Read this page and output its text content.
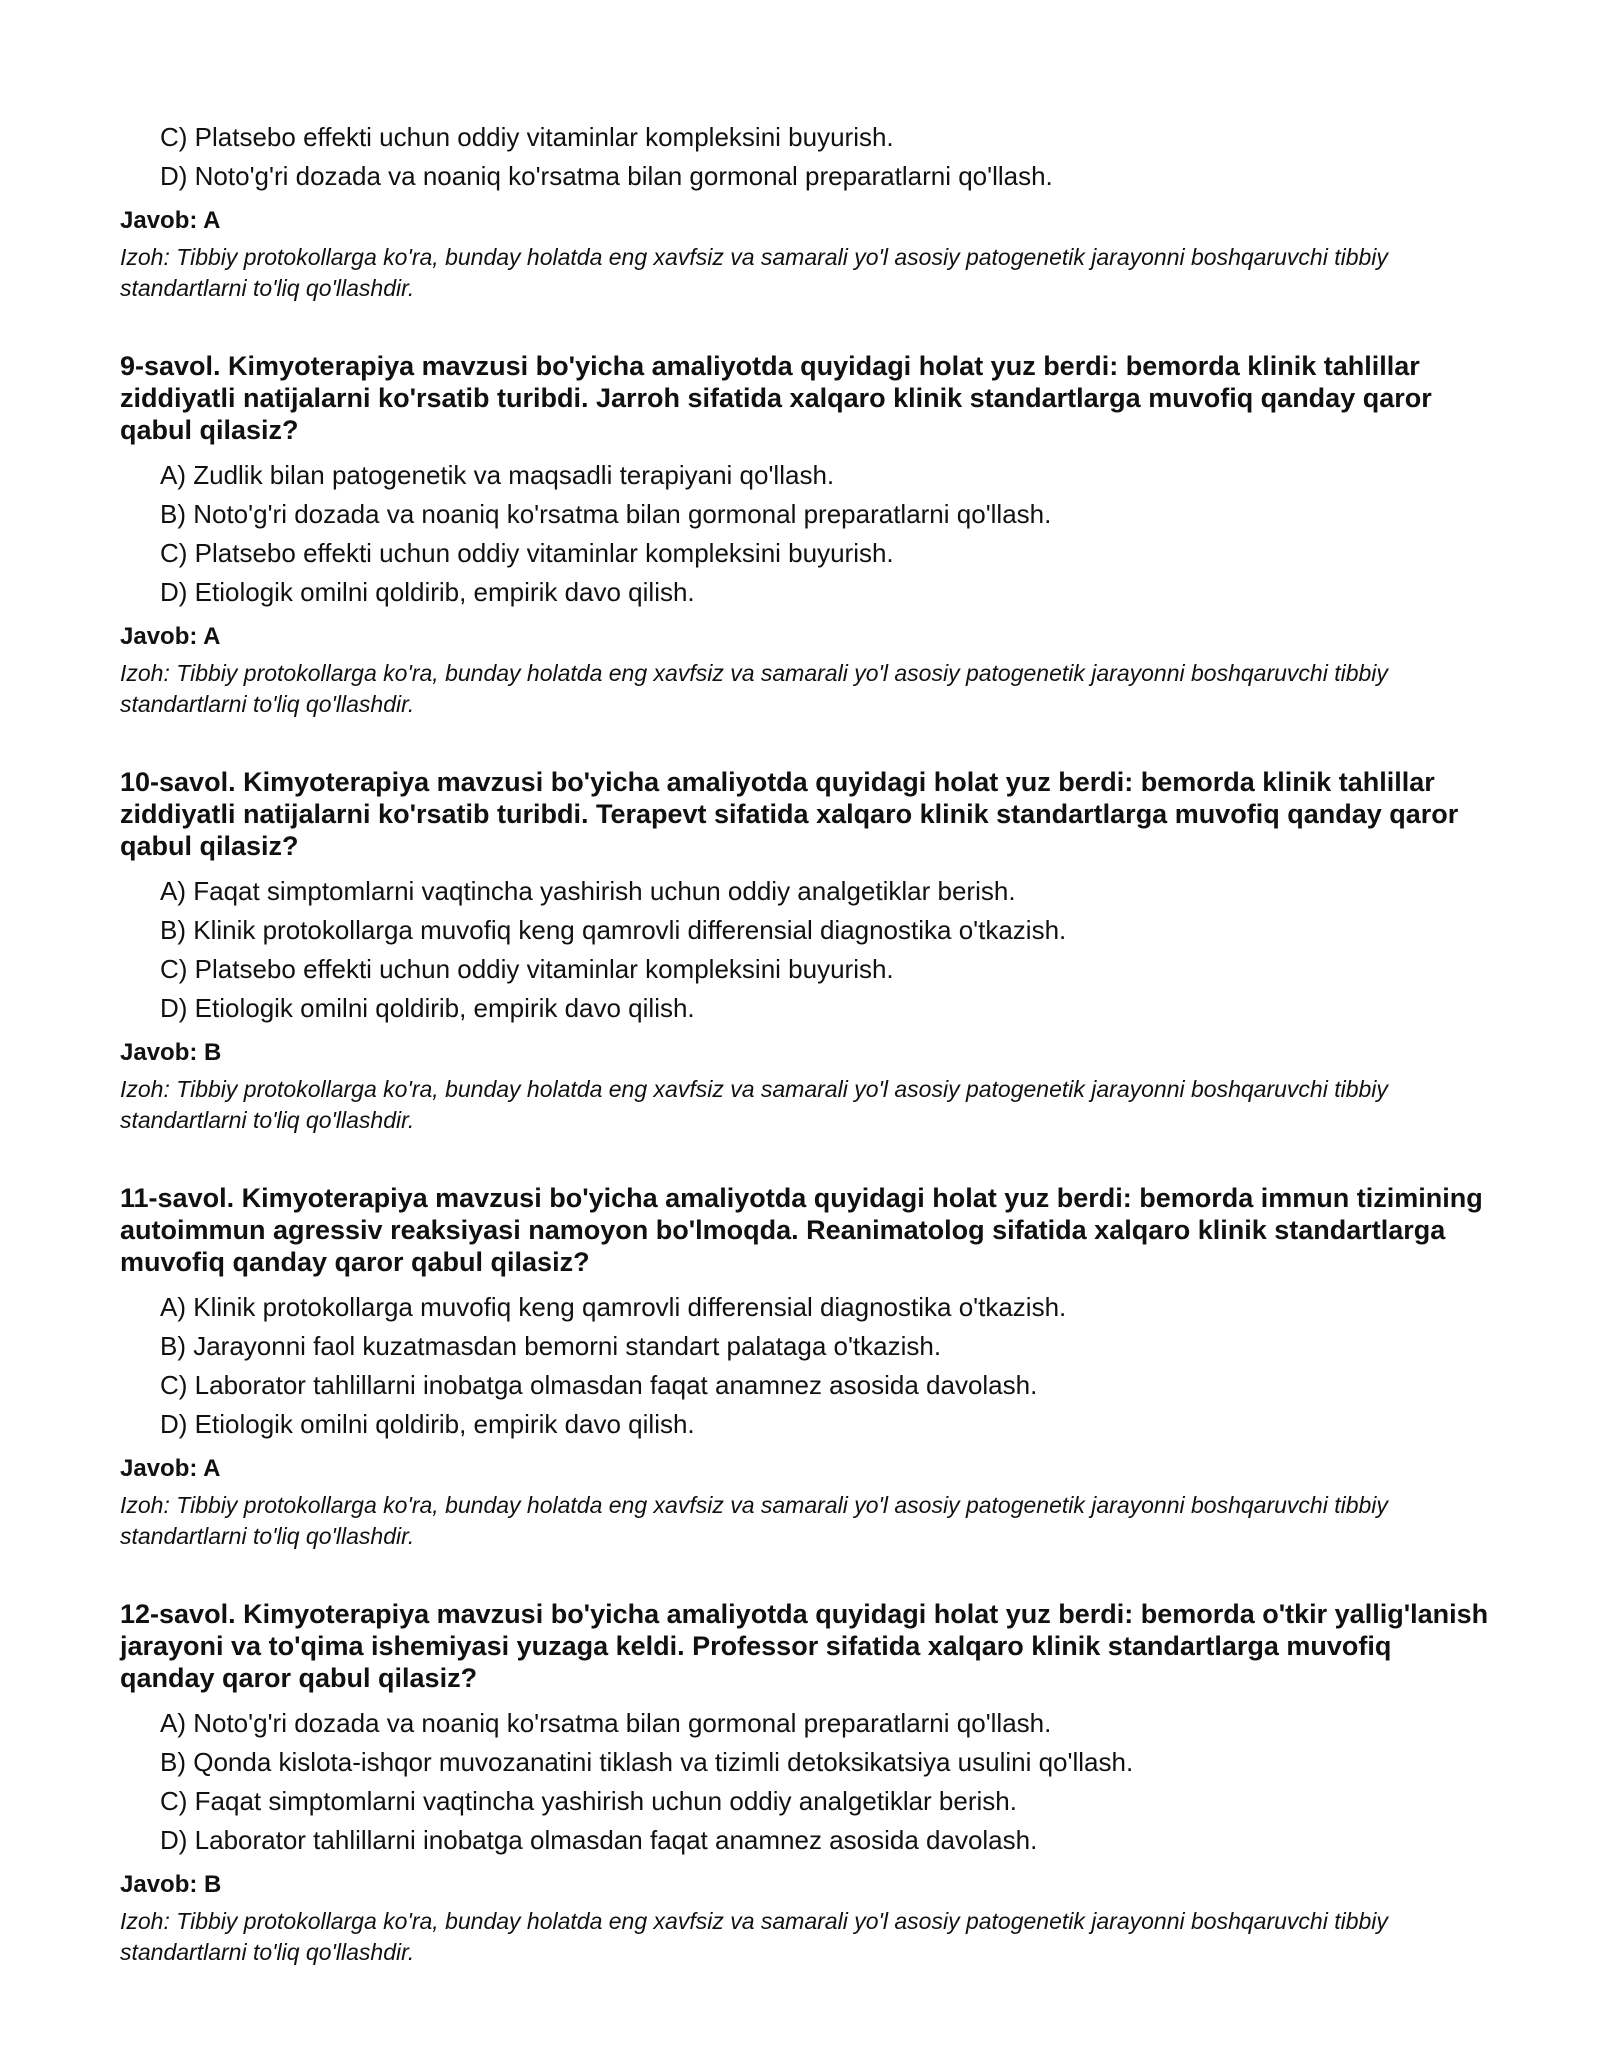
C) Platsebo effekti uchun oddiy vitaminlar kompleksini buyurish.
D) Noto'g'ri dozada va noaniq ko'rsatma bilan gormonal preparatlarni qo'llash.
Javob: A
Izoh: Tibbiy protokollarga ko'ra, bunday holatda eng xavfsiz va samarali yo'l asosiy patogenetik jarayonni boshqaruvchi tibbiy standartlarni to'liq qo'llashdir.
9-savol. Kimyoterapiya mavzusi bo'yicha amaliyotda quyidagi holat yuz berdi: bemorda klinik tahlillar ziddiyatli natijalarni ko'rsatib turibdi. Jarroh sifatida xalqaro klinik standartlarga muvofiq qanday qaror qabul qilasiz?
A) Zudlik bilan patogenetik va maqsadli terapiyani qo'llash.
B) Noto'g'ri dozada va noaniq ko'rsatma bilan gormonal preparatlarni qo'llash.
C) Platsebo effekti uchun oddiy vitaminlar kompleksini buyurish.
D) Etiologik omilni qoldirib, empirik davo qilish.
Javob: A
Izoh: Tibbiy protokollarga ko'ra, bunday holatda eng xavfsiz va samarali yo'l asosiy patogenetik jarayonni boshqaruvchi tibbiy standartlarni to'liq qo'llashdir.
10-savol. Kimyoterapiya mavzusi bo'yicha amaliyotda quyidagi holat yuz berdi: bemorda klinik tahlillar ziddiyatli natijalarni ko'rsatib turibdi. Terapevt sifatida xalqaro klinik standartlarga muvofiq qanday qaror qabul qilasiz?
A) Faqat simptomlarni vaqtincha yashirish uchun oddiy analgetiklar berish.
B) Klinik protokollarga muvofiq keng qamrovli differensial diagnostika o'tkazish.
C) Platsebo effekti uchun oddiy vitaminlar kompleksini buyurish.
D) Etiologik omilni qoldirib, empirik davo qilish.
Javob: B
Izoh: Tibbiy protokollarga ko'ra, bunday holatda eng xavfsiz va samarali yo'l asosiy patogenetik jarayonni boshqaruvchi tibbiy standartlarni to'liq qo'llashdir.
11-savol. Kimyoterapiya mavzusi bo'yicha amaliyotda quyidagi holat yuz berdi: bemorda immun tizimining autoimmun agressiv reaksiyasi namoyon bo'lmoqda. Reanimatolog sifatida xalqaro klinik standartlarga muvofiq qanday qaror qabul qilasiz?
A) Klinik protokollarga muvofiq keng qamrovli differensial diagnostika o'tkazish.
B) Jarayonni faol kuzatmasdan bemorni standart palataga o'tkazish.
C) Laborator tahlillarni inobatga olmasdan faqat anamnez asosida davolash.
D) Etiologik omilni qoldirib, empirik davo qilish.
Javob: A
Izoh: Tibbiy protokollarga ko'ra, bunday holatda eng xavfsiz va samarali yo'l asosiy patogenetik jarayonni boshqaruvchi tibbiy standartlarni to'liq qo'llashdir.
12-savol. Kimyoterapiya mavzusi bo'yicha amaliyotda quyidagi holat yuz berdi: bemorda o'tkir yallig'lanish jarayoni va to'qima ishemiyasi yuzaga keldi. Professor sifatida xalqaro klinik standartlarga muvofiq qanday qaror qabul qilasiz?
A) Noto'g'ri dozada va noaniq ko'rsatma bilan gormonal preparatlarni qo'llash.
B) Qonda kislota-ishqor muvozanatini tiklash va tizimli detoksikatsiya usulini qo'llash.
C) Faqat simptomlarni vaqtincha yashirish uchun oddiy analgetiklar berish.
D) Laborator tahlillarni inobatga olmasdan faqat anamnez asosida davolash.
Javob: B
Izoh: Tibbiy protokollarga ko'ra, bunday holatda eng xavfsiz va samarali yo'l asosiy patogenetik jarayonni boshqaruvchi tibbiy standartlarni to'liq qo'llashdir.
